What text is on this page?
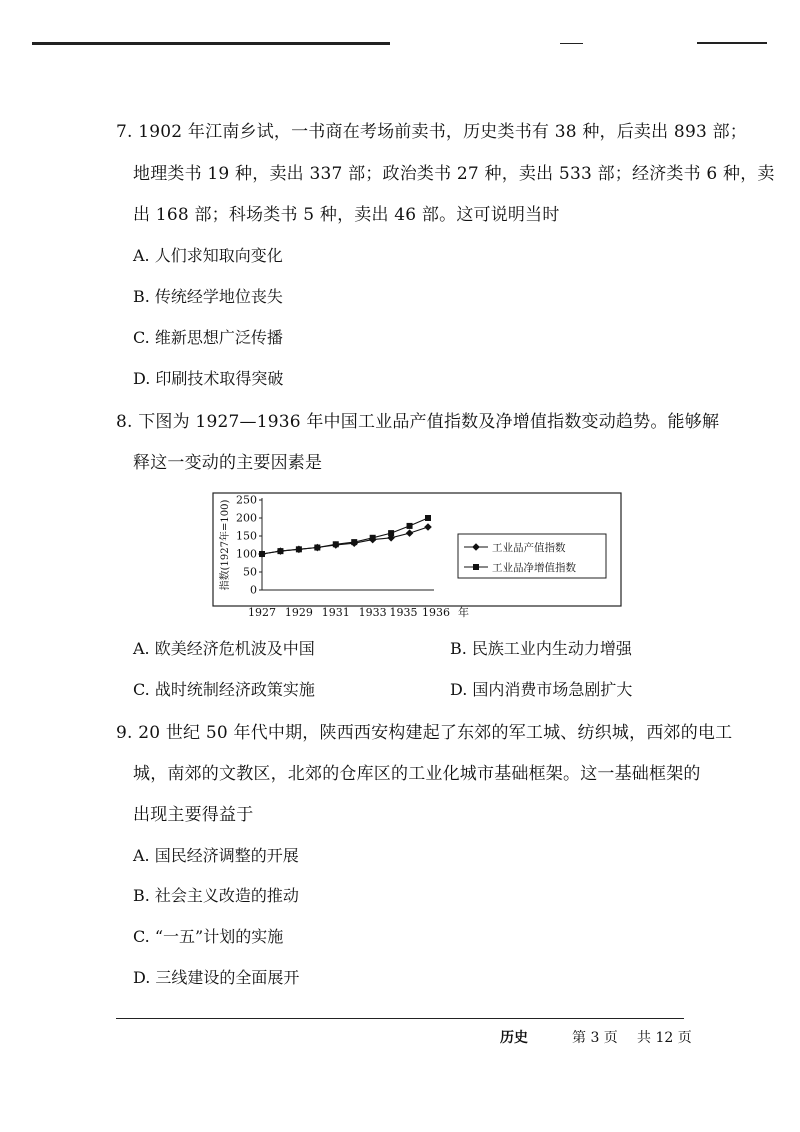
7. 1902 年江南乡试，一书商在考场前卖书，历史类书有 38 种，后卖出 893 部；
地理类书 19 种，卖出 337 部；政治类书 27 种，卖出 533 部；经济类书 6 种，卖
出 168 部；科场类书 5 种，卖出 46 部。这可说明当时
A. 人们求知取向变化
B. 传统经学地位丧失
C. 维新思想广泛传播
D. 印刷技术取得突破
8. 下图为 1927—1936 年中国工业品产值指数及净增值指数变动趋势。能够解
释这一变动的主要因素是
0
50
100
150
200
250
指数(1927年=100)
1927 1929 1931 1933 1935 1936 年
工业品产值指数
工业品净增值指数
A. 欧美经济危机波及中国	B. 民族工业内生动力增强
C. 战时统制经济政策实施	D. 国内消费市场急剧扩大
9. 20 世纪 50 年代中期，陕西西安构建起了东郊的军工城、纺织城，西郊的电工
城，南郊的文教区，北郊的仓库区的工业化城市基础框架。这一基础框架的
出现主要得益于
A. 国民经济调整的开展
B. 社会主义改造的推动
C. “一五”计划的实施
D. 三线建设的全面展开
历史	第 3 页 共 12 页
